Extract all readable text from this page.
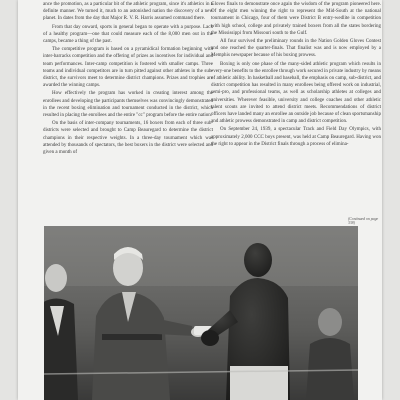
ance the promotion, as a particular bit of the athletic program, since it's athletics in a definite manner. We turned it, much to an astonished nation the discovery of a new planet. In dates from the day that Major R. V. R. Harris assumed command there.

From that day onward, sports in general began to operate with a purpose. Lack of a healthy program—one that could measure each of the 8,000 men out in the camps, became a thing of the past.

The competitive program is based on a pyramidical formation beginning with inter-barracks competition and the offering of prizes as incentives for individual and team performances. Inter-camp competition is fostered with smaller camps. Three teams and individual competitors are in turn pitted against other athletes in the sub-district, the survivors meet to determine district champions. Prizes and trophies are awarded the winning camps.

How effectively the program has worked in creating interest among the enrollees and developing the participants themselves was convincingly demonstrated in the recent boxing elimination and tournament conducted in the district, which resulted in placing the enrollees and the entire "cc" program before the entire nation.

On the basis of inter-company tournaments, 16 boxers from each of three sub-districts were selected and brought to Camp Beauregard to determine the district champions in their respective weights. In a three-day tournament which was attended by thousands of spectators, the best boxers in the district were selected and given a month of

Gloves finals to demonstrate once again the wisdom of the program pioneered here. Of the eight men winning the right to represent the Mid-South at the national tournament in Chicago, four of them were District B entry-wedlite in competition with high school, college and privately trained boxers from all the states bordering the Mississippi from Missouri south to the Gulf.

All four survived the preliminary rounds in the Nation Golden Gloves Contest and one reached the quarter-finals. That finalist was and is now employed by a Memphis newspaper because of his boxing prowess.

Boxing is only one phase of the many-sided athletic program which results in every-one benefits to the enrollee through work secured in private industry by means of athletic ability. In basketball and baseball, the emphasis on camp, sub-district, and district competition has resulted in many enrollees being offered work on industrial, semi-pro, and professional teams, as well as scholarship athletes at colleges and universities. Wherever feasible, university and college coaches and other athletic talent scouts are invited to attend district meets. Recommendations of district officers have landed many an enrollee an outside job because of clean sportsmanship and athletic prowess demonstrated in camp and district competition.

On September 24, 1939, a spectacular Track and Field Day Olympics, with approximately 2,000 CCC boys present, was held at Camp Beauregard. Having won the right to appear in the District finals through a process of elimina-

(Continued on page 338)
